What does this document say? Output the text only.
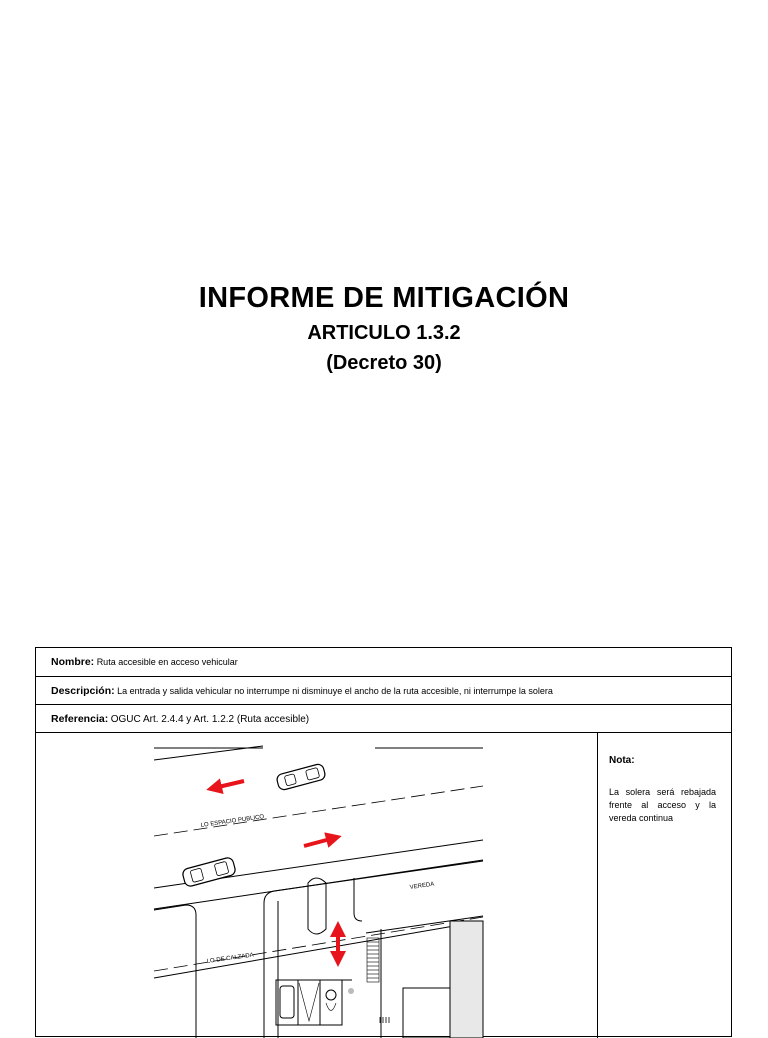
INFORME DE MITIGACIÓN
ARTICULO 1.3.2
(Decreto 30)
Nombre: Ruta accesible en acceso vehicular
Descripción: La entrada y salida vehicular no interrumpe ni disminuye el ancho de la ruta accesible, ni interrumpe la solera
Referencia: OGUC Art. 2.4.4 y Art. 1.2.2 (Ruta accesible)
LO ESPACIO PUBLICO
VEREDA
LO DE CALZADA
Nota:
La solera será rebajada frente al acceso y la vereda continua
